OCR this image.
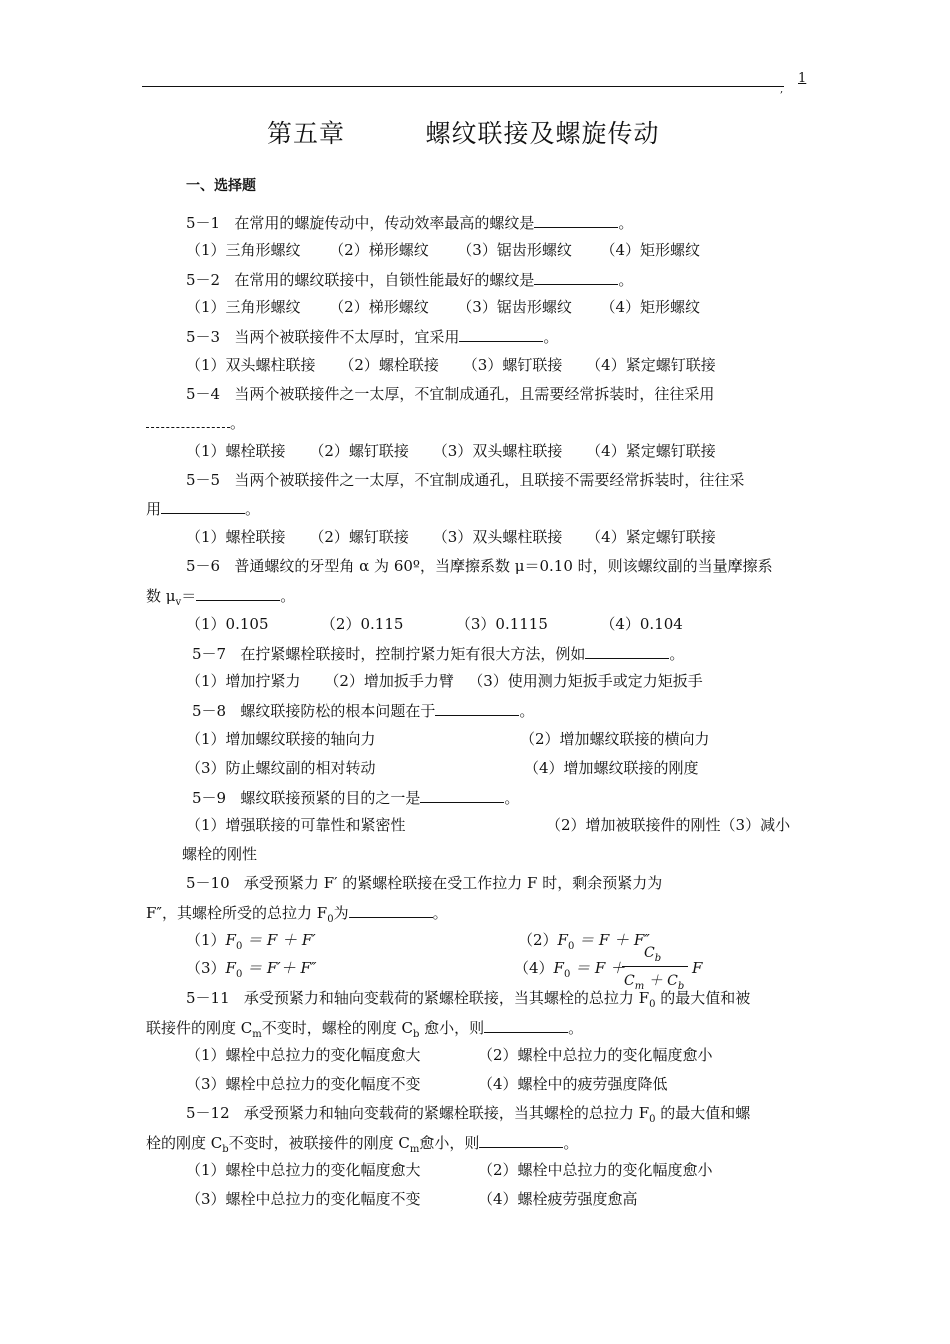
,
1
第五章         螺纹联接及螺旋传动
一、选择题
5－1   在常用的螺旋传动中，传动效率最高的螺纹是	。
（1）三角形螺纹      （2）梯形螺纹      （3）锯齿形螺纹      （4）矩形螺纹
5－2   在常用的螺纹联接中，自锁性能最好的螺纹是	。
（1）三角形螺纹      （2）梯形螺纹      （3）锯齿形螺纹      （4）矩形螺纹
5－3   当两个被联接件不太厚时，宜采用	。
（1）双头螺柱联接     （2）螺栓联接     （3）螺钉联接     （4）紧定螺钉联接
5－4   当两个被联接件之一太厚，不宜制成通孔，且需要经常拆装时，往往采用
。
（1）螺栓联接     （2）螺钉联接     （3）双头螺柱联接     （4）紧定螺钉联接
5－5   当两个被联接件之一太厚，不宜制成通孔，且联接不需要经常拆装时，往往采
用	。
（1）螺栓联接     （2）螺钉联接     （3）双头螺柱联接     （4）紧定螺钉联接
5－6   普通螺纹的牙型角 α 为 60º，当摩擦系数 μ＝0.10 时，则该螺纹副的当量摩擦系
数 $\mu_v=$	。
（1）0.105           （2）0.115           （3）0.1115           （4）0.104
5－7   在拧紧螺栓联接时，控制拧紧力矩有很大方法，例如	。
（1）增加拧紧力     （2）增加扳手力臂   （3）使用测力矩扳手或定力矩扳手
5－8   螺纹联接防松的根本问题在于	。
（1）增加螺纹联接的轴向力	（2）增加螺纹联接的横向力
（3）防止螺纹副的相对转动	（4）增加螺纹联接的刚度
5－9   螺纹联接预紧的目的之一是	。
（1）增强联接的可靠性和紧密性	（2）增加被联接件的刚性（3）减小
螺栓的刚性
5－10   承受预紧力 F′ 的紧螺栓联接在受工作拉力 F 时，剩余预紧力为
F″，其螺栓所受的总拉力 $F_0$为	。
$(1)F_0 = F + F'$	$(2)F_0 = F + F''$
$(3)F_0 = F'+ F''$	$(4)F_0 = F$ ＋
$C_b$
$C_m + C_b$
F
5－11   承受预紧力和轴向变载荷的紧螺栓联接，当其螺栓的总拉力 $F_0$ 的最大值和被
联接件的刚度 $C_m$不变时，螺栓的刚度 $C_b$ 愈小，则	。
（1）螺栓中总拉力的变化幅度愈大	（2）螺栓中总拉力的变化幅度愈小
（3）螺栓中总拉力的变化幅度不变	（4）螺栓中的疲劳强度降低
5－12   承受预紧力和轴向变载荷的紧螺栓联接，当其螺栓的总拉力 $F_0$ 的最大值和螺
栓的刚度 $C_b$不变时，被联接件的刚度 $C_m$愈小，则	。
（1）螺栓中总拉力的变化幅度愈大	（2）螺栓中总拉力的变化幅度愈小
（3）螺栓中总拉力的变化幅度不变	（4）螺栓疲劳强度愈高
